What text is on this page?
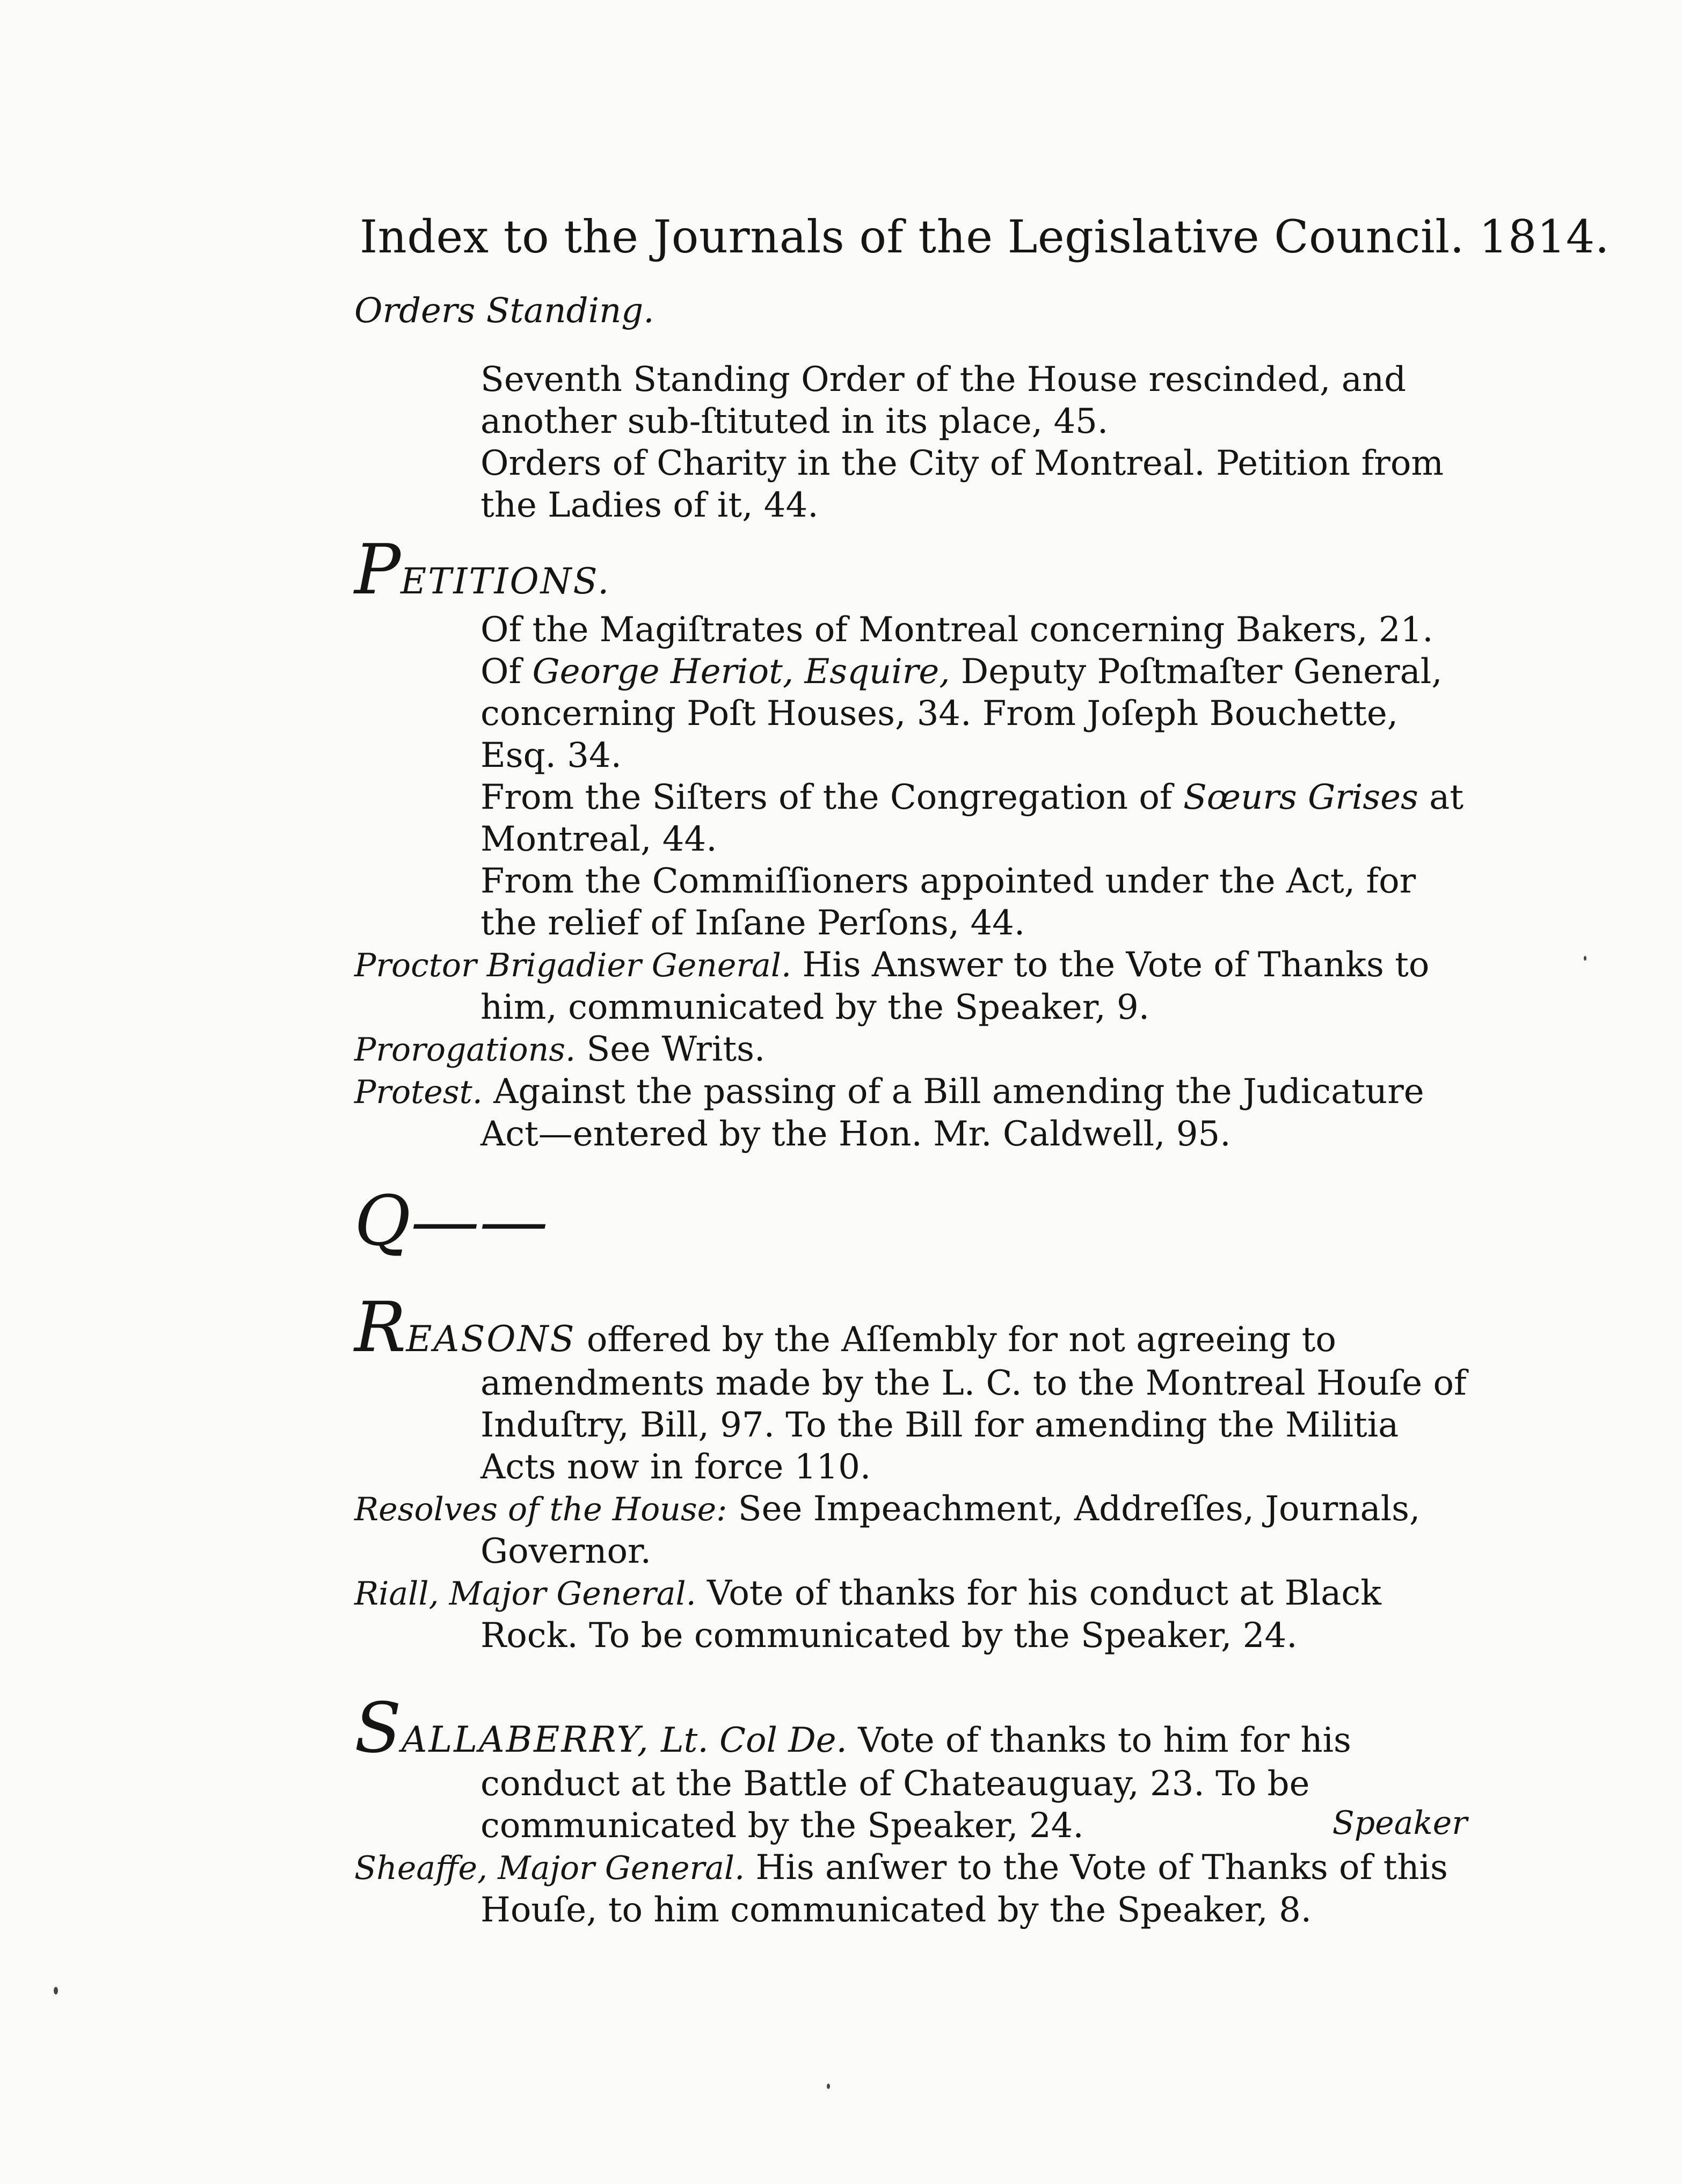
Index to the Journals of the Legislative Council. 1814.

Orders Standing.

Seventh Standing Order of the House rescinded, and another sub-ſtituted in its place, 45.

Orders of Charity in the City of Montreal. Petition from the Ladies of it, 44.

PETITIONS.

Of the Magiſtrates of Montreal concerning Bakers, 21.

Of George Heriot, Esquire, Deputy Poſtmaſter General, concerning Poſt Houses, 34. From Joſeph Bouchette, Esq. 34.

From the Siſters of the Congregation of Sœurs Grises at Montreal, 44.

From the Commiſſioners appointed under the Act, for the relief of Inſane Perſons, 44.

Proctor Brigadier General. His Answer to the Vote of Thanks to him, communicated by the Speaker, 9.

Prorogations. See Writs.

Protest. Against the passing of a Bill amending the Judicature Act—entered by the Hon. Mr. Caldwell, 95.

Q——

REASONS offered by the Aſſembly for not agreeing to amendments made by the L. C. to the Montreal Houſe of Induſtry, Bill, 97. To the Bill for amending the Militia Acts now in force 110.

Resolves of the House: See Impeachment, Addreſſes, Journals, Governor.

Riall, Major General. Vote of thanks for his conduct at Black Rock. To be communicated by the Speaker, 24.

SALLABERRY, Lt. Col De. Vote of thanks to him for his conduct at the Battle of Chateauguay, 23. To be communicated by the Speaker, 24.

Sheaffe, Major General. His anſwer to the Vote of Thanks of this Houſe, to him communicated by the Speaker, 8.

Speaker
